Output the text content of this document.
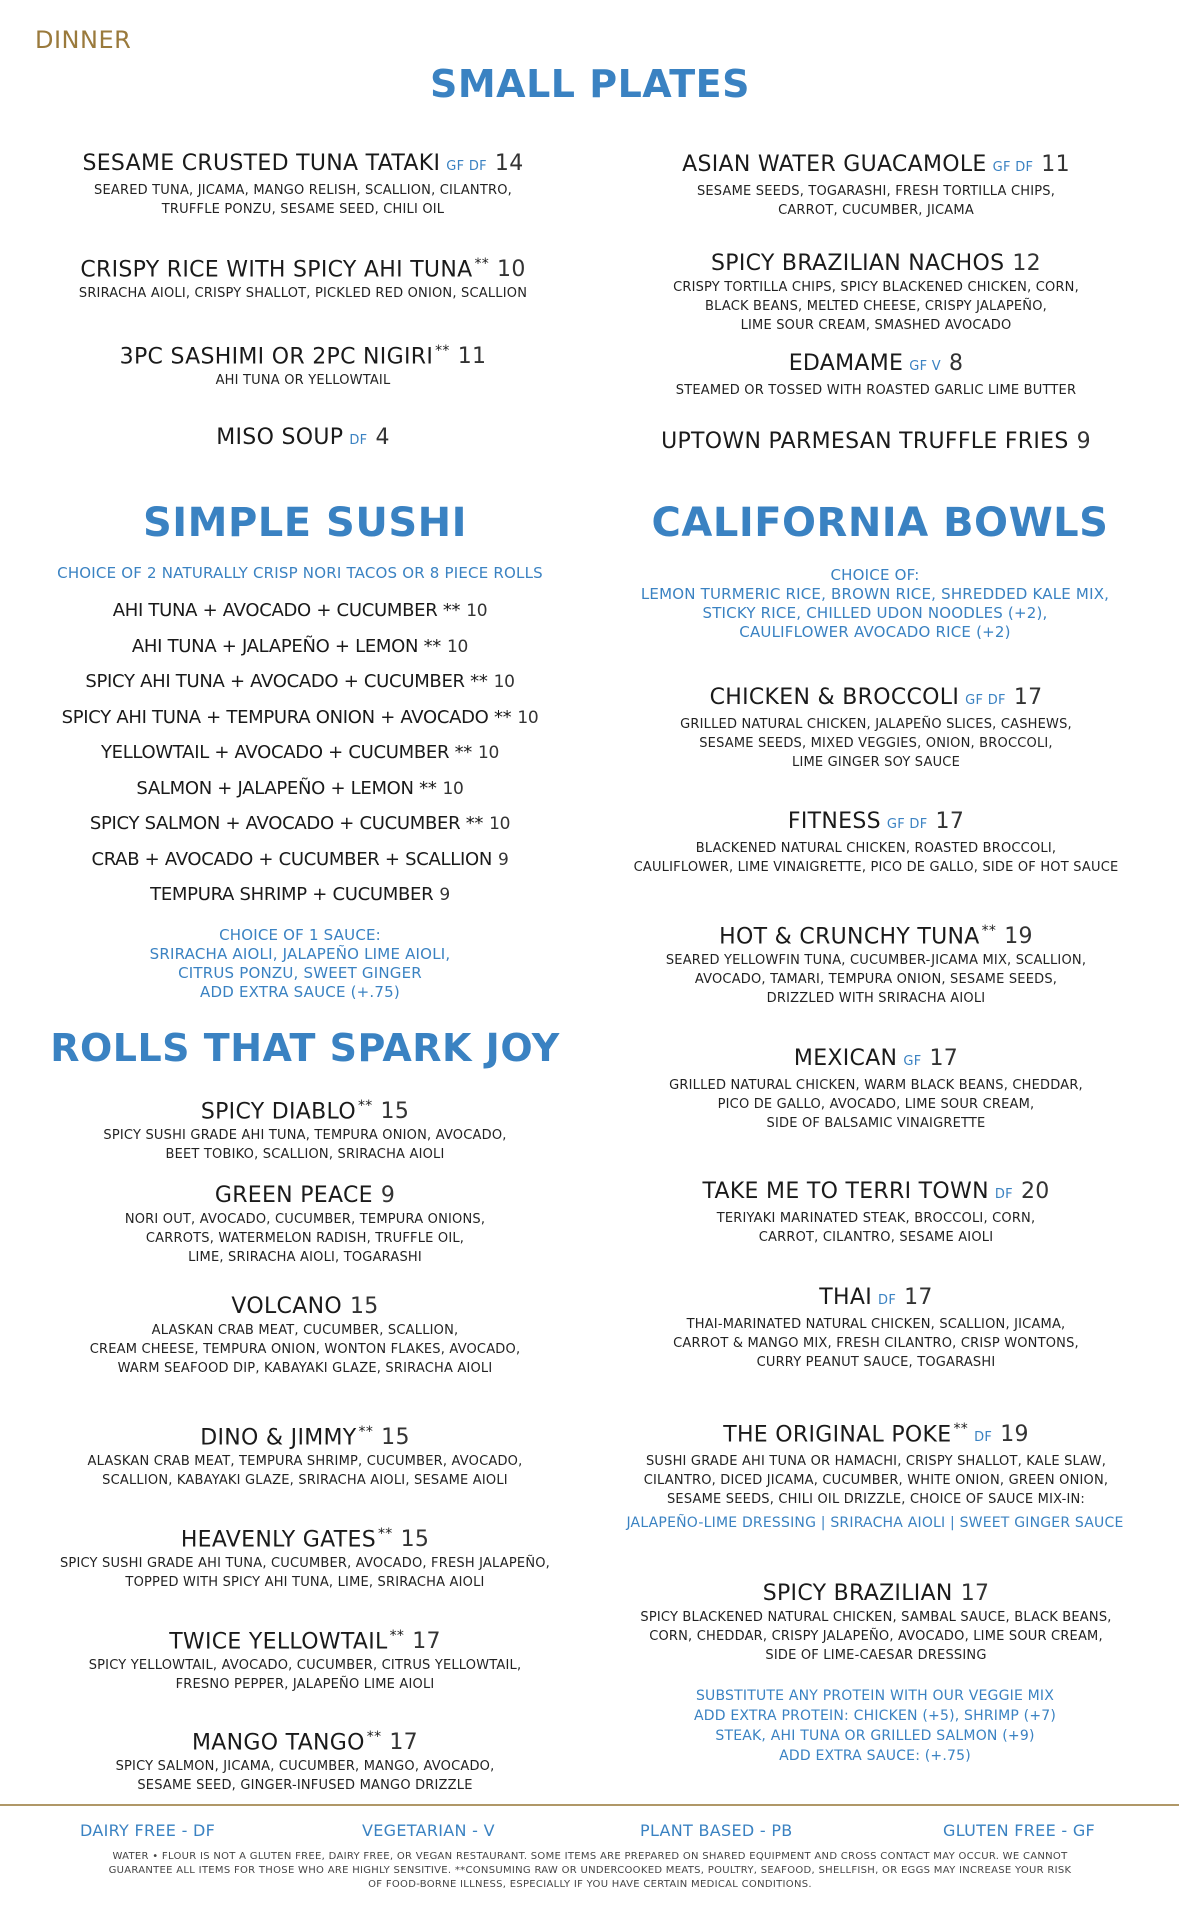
DINNER
SMALL PLATES
SESAME CRUSTED TUNA TATAKI GF DF 14
SEARED TUNA, JICAMA, MANGO RELISH, SCALLION, CILANTRO,
TRUFFLE PONZU, SESAME SEED, CHILI OIL
CRISPY RICE WITH SPICY AHI TUNA ** 10
SRIRACHA AIOLI, CRISPY SHALLOT, PICKLED RED ONION, SCALLION
3PC SASHIMI OR 2PC NIGIRI ** 11
AHI TUNA OR YELLOWTAIL
MISO SOUP DF 4
ASIAN WATER GUACAMOLE GF DF 11
SESAME SEEDS, TOGARASHI, FRESH TORTILLA CHIPS,
CARROT, CUCUMBER, JICAMA
SPICY BRAZILIAN NACHOS 12
CRISPY TORTILLA CHIPS, SPICY BLACKENED CHICKEN, CORN,
BLACK BEANS, MELTED CHEESE, CRISPY JALAPEÑO,
LIME SOUR CREAM, SMASHED AVOCADO
EDAMAME GF V 8
STEAMED OR TOSSED WITH ROASTED GARLIC LIME BUTTER
UPTOWN PARMESAN TRUFFLE FRIES 9
SIMPLE SUSHI
CHOICE OF 2 NATURALLY CRISP NORI TACOS OR 8 PIECE ROLLS
AHI TUNA + AVOCADO + CUCUMBER ** 10
AHI TUNA + JALAPEÑO + LEMON ** 10
SPICY AHI TUNA + AVOCADO + CUCUMBER ** 10
SPICY AHI TUNA + TEMPURA ONION + AVOCADO ** 10
YELLOWTAIL + AVOCADO + CUCUMBER ** 10
SALMON + JALAPEÑO + LEMON ** 10
SPICY SALMON + AVOCADO + CUCUMBER ** 10
CRAB + AVOCADO + CUCUMBER + SCALLION 9
TEMPURA SHRIMP + CUCUMBER 9
CHOICE OF 1 SAUCE:
SRIRACHA AIOLI, JALAPEÑO LIME AIOLI,
CITRUS PONZU, SWEET GINGER
ADD EXTRA SAUCE (+.75)
ROLLS THAT SPARK JOY
SPICY DIABLO ** 15
SPICY SUSHI GRADE AHI TUNA, TEMPURA ONION, AVOCADO,
BEET TOBIKO, SCALLION, SRIRACHA AIOLI
GREEN PEACE 9
NORI OUT, AVOCADO, CUCUMBER, TEMPURA ONIONS,
CARROTS, WATERMELON RADISH, TRUFFLE OIL,
LIME, SRIRACHA AIOLI, TOGARASHI
VOLCANO 15
ALASKAN CRAB MEAT, CUCUMBER, SCALLION,
CREAM CHEESE, TEMPURA ONION, WONTON FLAKES, AVOCADO,
WARM SEAFOOD DIP, KABAYAKI GLAZE, SRIRACHA AIOLI
DINO & JIMMY ** 15
ALASKAN CRAB MEAT, TEMPURA SHRIMP, CUCUMBER, AVOCADO,
SCALLION, KABAYAKI GLAZE, SRIRACHA AIOLI, SESAME AIOLI
HEAVENLY GATES ** 15
SPICY SUSHI GRADE AHI TUNA, CUCUMBER, AVOCADO, FRESH JALAPEÑO,
TOPPED WITH SPICY AHI TUNA, LIME, SRIRACHA AIOLI
TWICE YELLOWTAIL ** 17
SPICY YELLOWTAIL, AVOCADO, CUCUMBER, CITRUS YELLOWTAIL,
FRESNO PEPPER, JALAPEÑO LIME AIOLI
MANGO TANGO ** 17
SPICY SALMON, JICAMA, CUCUMBER, MANGO, AVOCADO,
SESAME SEED, GINGER-INFUSED MANGO DRIZZLE
CALIFORNIA BOWLS
CHOICE OF:
LEMON TURMERIC RICE, BROWN RICE, SHREDDED KALE MIX,
STICKY RICE, CHILLED UDON NOODLES (+2),
CAULIFLOWER AVOCADO RICE (+2)
CHICKEN & BROCCOLI GF DF 17
GRILLED NATURAL CHICKEN, JALAPEÑO SLICES, CASHEWS,
SESAME SEEDS, MIXED VEGGIES, ONION, BROCCOLI,
LIME GINGER SOY SAUCE
FITNESS GF DF 17
BLACKENED NATURAL CHICKEN, ROASTED BROCCOLI,
CAULIFLOWER, LIME VINAIGRETTE, PICO DE GALLO, SIDE OF HOT SAUCE
HOT & CRUNCHY TUNA ** 19
SEARED YELLOWFIN TUNA, CUCUMBER-JICAMA MIX, SCALLION,
AVOCADO, TAMARI, TEMPURA ONION, SESAME SEEDS,
DRIZZLED WITH SRIRACHA AIOLI
MEXICAN GF 17
GRILLED NATURAL CHICKEN, WARM BLACK BEANS, CHEDDAR,
PICO DE GALLO, AVOCADO, LIME SOUR CREAM,
SIDE OF BALSAMIC VINAIGRETTE
TAKE ME TO TERRI TOWN DF 20
TERIYAKI MARINATED STEAK, BROCCOLI, CORN,
CARROT, CILANTRO, SESAME AIOLI
THAI DF 17
THAI-MARINATED NATURAL CHICKEN, SCALLION, JICAMA,
CARROT & MANGO MIX, FRESH CILANTRO, CRISP WONTONS,
CURRY PEANUT SAUCE, TOGARASHI
THE ORIGINAL POKE **DF 19
SUSHI GRADE AHI TUNA OR HAMACHI, CRISPY SHALLOT, KALE SLAW,
CILANTRO, DICED JICAMA, CUCUMBER, WHITE ONION, GREEN ONION,
SESAME SEEDS, CHILI OIL DRIZZLE, CHOICE OF SAUCE MIX-IN:
SPICY BRAZILIAN 17
SPICY BLACKENED NATURAL CHICKEN, SAMBAL SAUCE, BLACK BEANS,
CORN, CHEDDAR, CRISPY JALAPEÑO, AVOCADO, LIME SOUR CREAM,
SIDE OF LIME-CAESAR DRESSING
JALAPEÑO-LIME DRESSING | SRIRACHA AIOLI | SWEET GINGER SAUCE
SUBSTITUTE ANY PROTEIN WITH OUR VEGGIE MIX
ADD EXTRA PROTEIN: CHICKEN (+5), SHRIMP (+7)
STEAK, AHI TUNA OR GRILLED SALMON (+9)
ADD EXTRA SAUCE: (+.75)
DAIRY FREE - DF	VEGETARIAN - V	PLANT BASED - PB	GLUTEN FREE - GF
WATER • FLOUR IS NOT A GLUTEN FREE, DAIRY FREE, OR VEGAN RESTAURANT. SOME ITEMS ARE PREPARED ON SHARED EQUIPMENT AND CROSS CONTACT MAY OCCUR. WE CANNOT
GUARANTEE ALL ITEMS FOR THOSE WHO ARE HIGHLY SENSITIVE. **CONSUMING RAW OR UNDERCOOKED MEATS, POULTRY, SEAFOOD, SHELLFISH, OR EGGS MAY INCREASE YOUR RISK
OF FOOD-BORNE ILLNESS, ESPECIALLY IF YOU HAVE CERTAIN MEDICAL CONDITIONS.
